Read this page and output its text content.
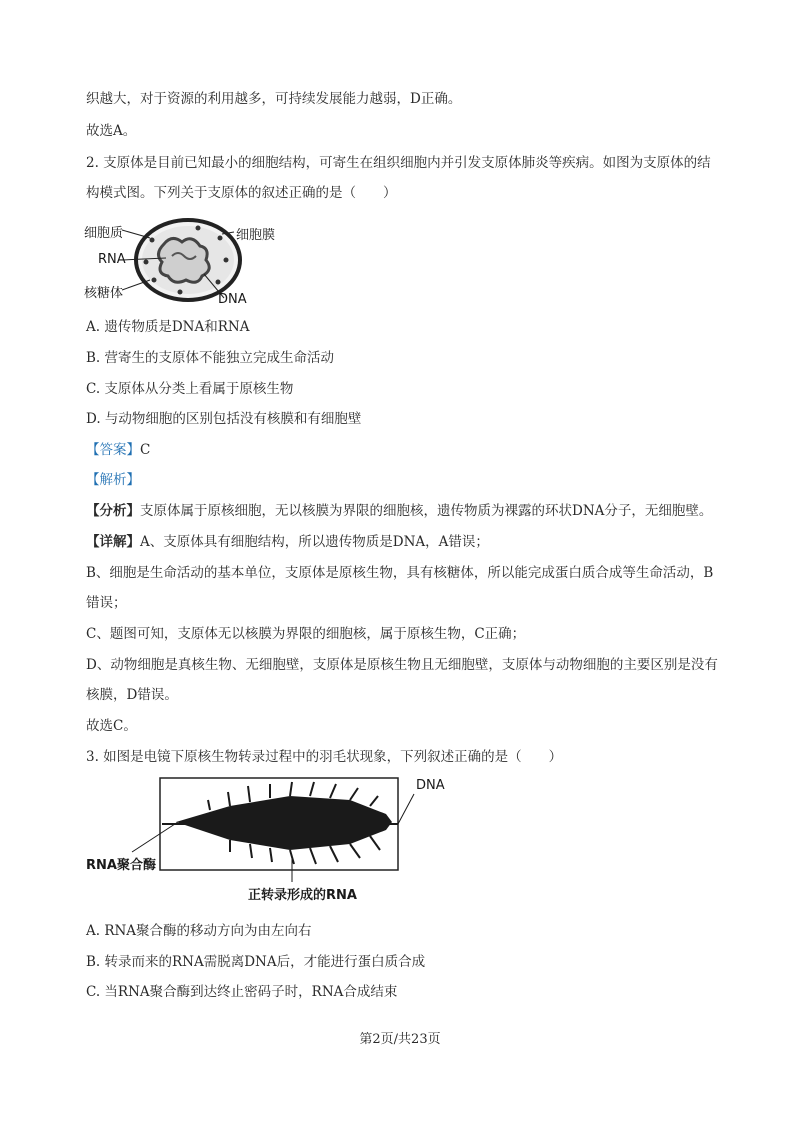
织越大，对于资源的利用越多，可持续发展能力越弱，D正确。
故选A。
2. 支原体是目前已知最小的细胞结构，可寄生在组织细胞内并引发支原体肺炎等疾病。如图为支原体的结
构模式图。下列关于支原体的叙述正确的是（　　）
细胞质	细胞膜
RNA
核糖体	DNA
A. 遗传物质是DNA和RNA
B. 营寄生的支原体不能独立完成生命活动
C. 支原体从分类上看属于原核生物
D. 与动物细胞的区别包括没有核膜和有细胞壁
【答案】C
【解析】
【分析】支原体属于原核细胞，无以核膜为界限的细胞核，遗传物质为裸露的环状DNA分子，无细胞壁。
【详解】A、支原体具有细胞结构，所以遗传物质是DNA，A错误；
B、细胞是生命活动的基本单位，支原体是原核生物，具有核糖体，所以能完成蛋白质合成等生命活动，B
错误；
C、题图可知，支原体无以核膜为界限的细胞核，属于原核生物，C正确；
D、动物细胞是真核生物、无细胞壁，支原体是原核生物且无细胞壁，支原体与动物细胞的主要区别是没有
核膜，D错误。
故选C。
3. 如图是电镜下原核生物转录过程中的羽毛状现象，下列叙述正确的是（　　）
DNA
RNA聚合酶
正转录形成的RNA
A. RNA聚合酶的移动方向为由左向右
B. 转录而来的RNA需脱离DNA后，才能进行蛋白质合成
C. 当RNA聚合酶到达终止密码子时，RNA合成结束
第2页/共23页
